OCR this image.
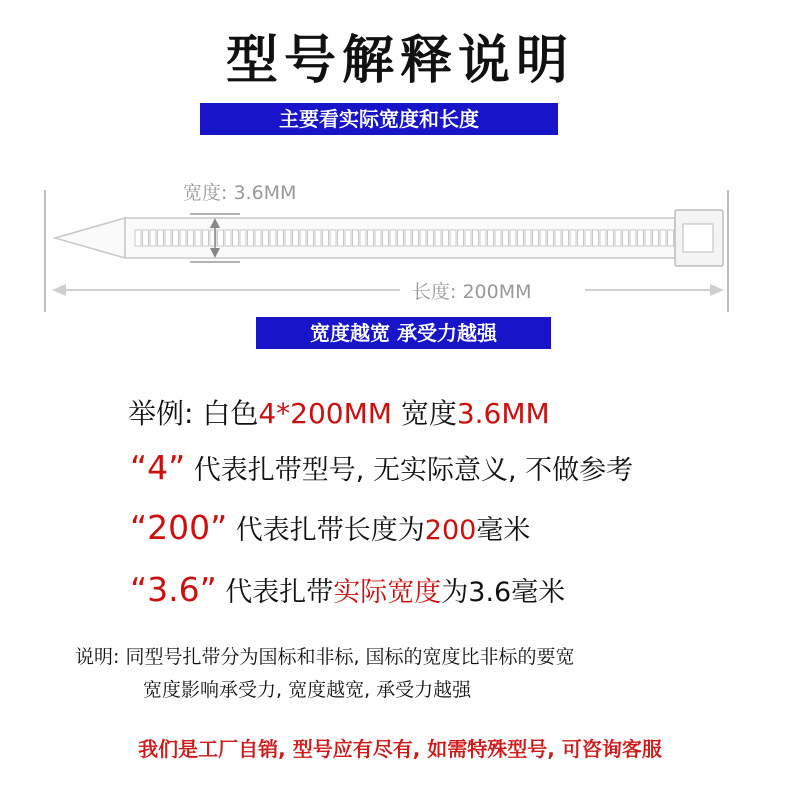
型号解释说明
主要看实际宽度和长度
宽度: 3.6MM
长度: 200MM
宽度越宽 承受力越强
举例: 白色4*200MM 宽度3.6MM
“4” 代表扎带型号, 无实际意义, 不做参考
“200” 代表扎带长度为200毫米
“3.6” 代表扎带实际宽度为3.6毫米
说明: 同型号扎带分为国标和非标, 国标的宽度比非标的要宽
宽度影响承受力, 宽度越宽, 承受力越强
我们是工厂自销, 型号应有尽有, 如需特殊型号, 可咨询客服
